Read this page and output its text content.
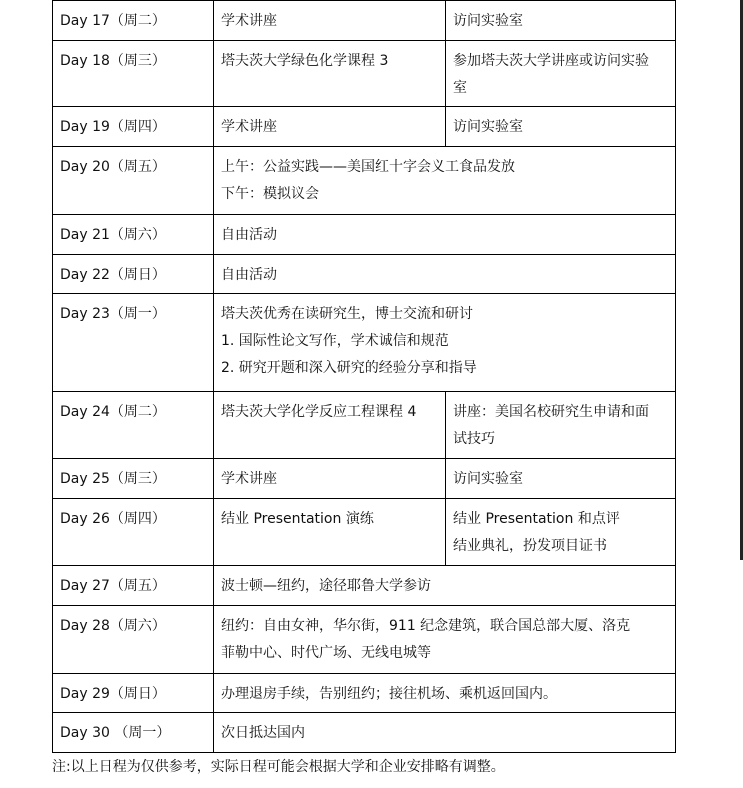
Day 17（周二）	学术讲座	访问实验室

Day 18（周三）	塔夫茨大学绿色化学课程 3	参加塔夫茨大学讲座或访问实验
室

Day 19（周四）	学术讲座	访问实验室

Day 20（周五）	上午：公益实践——美国红十字会义工食品发放
下午：模拟议会	

Day 21（周六）	自由活动	

Day 22（周日）	自由活动	

Day 23（周一）	塔夫茨优秀在读研究生，博士交流和研讨
1. 国际性论文写作，学术诚信和规范
2. 研究开题和深入研究的经验分享和指导	

Day 24（周二）	塔夫茨大学化学反应工程课程 4	讲座：美国名校研究生申请和面
试技巧

Day 25（周三）	学术讲座	访问实验室

Day 26（周四）	结业 Presentation 演练	结业 Presentation 和点评
结业典礼，扮发项目证书

Day 27（周五）	波士顿—纽约，途径耶鲁大学参访	

Day 28（周六）	纽约：自由女神，华尔街，911 纪念建筑，联合国总部大厦、洛克
菲勒中心、时代广场、无线电城等	

Day 29（周日）	办理退房手续，告别纽约；接往机场、乘机返回国内。	

Day 30 （周一）	次日抵达国内	
注:以上日程为仅供参考，实际日程可能会根据大学和企业安排略有调整。
